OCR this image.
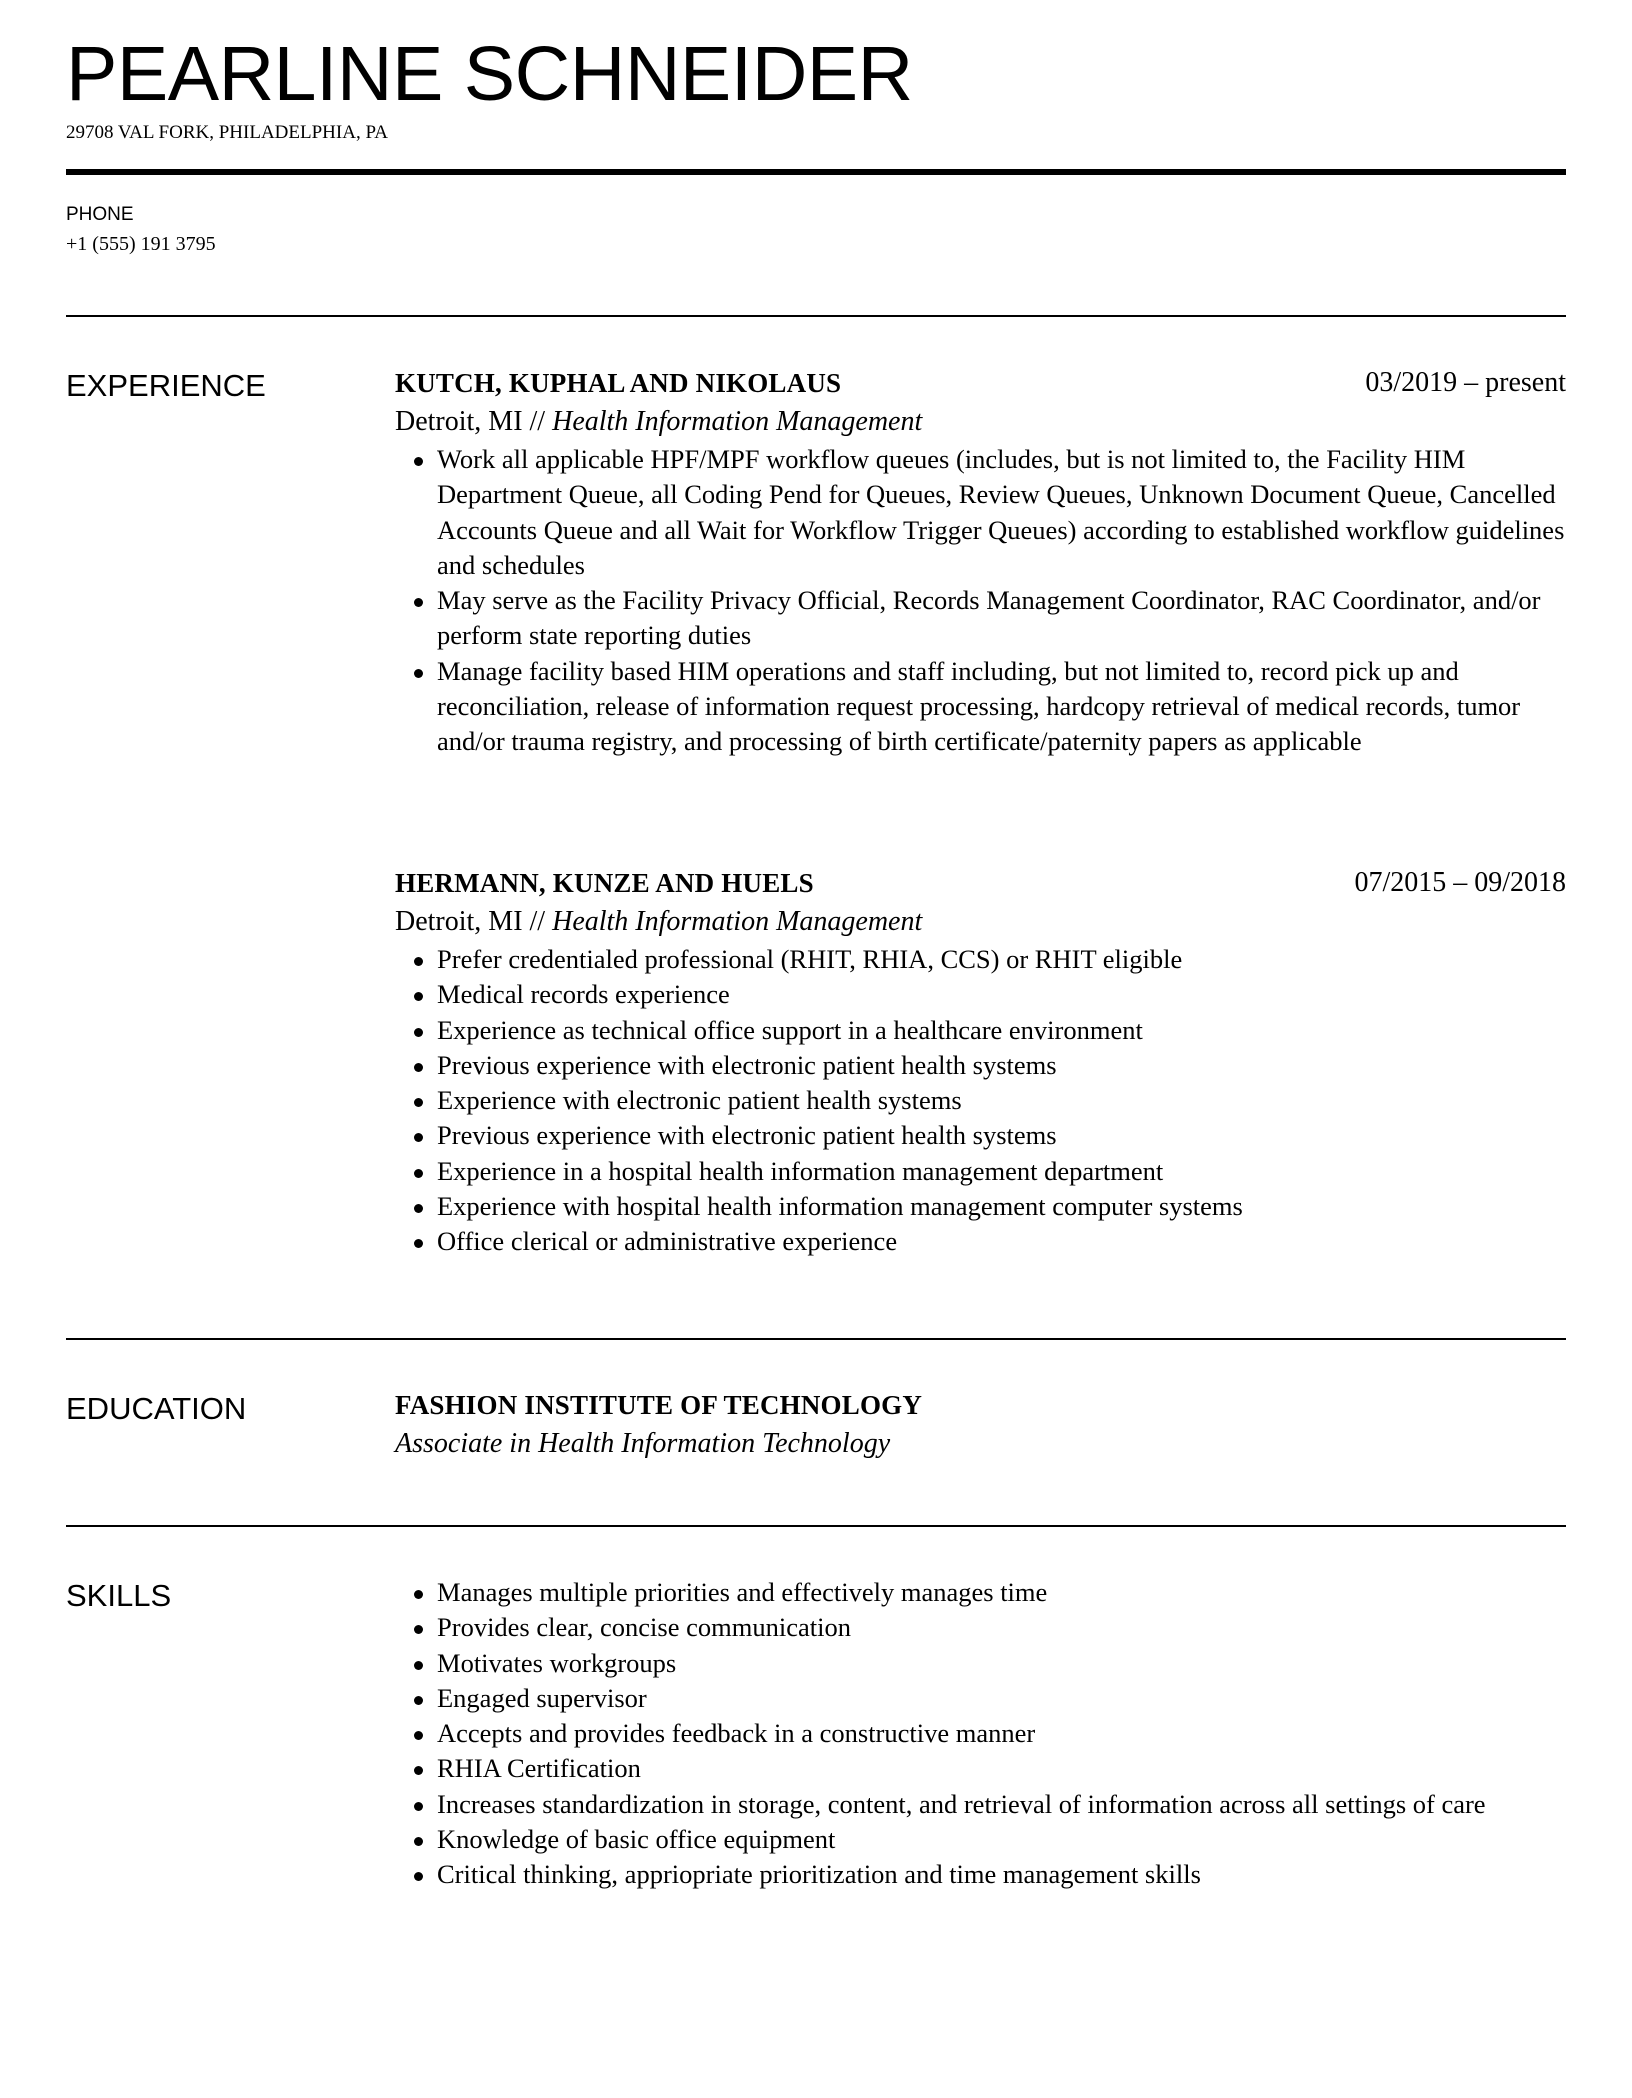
PEARLINE SCHNEIDER
29708 VAL FORK, PHILADELPHIA, PA
PHONE
+1 (555) 191 3795
EXPERIENCE	KUTCH, KUPHAL AND NIKOLAUS	03/2019 – present
Detroit, MI // Health Information Management
Work all applicable HPF/MPF workflow queues (includes, but is not limited to, the Facility HIM Department Queue, all Coding Pend for Queues, Review Queues, Unknown Document Queue, Cancelled Accounts Queue and all Wait for Workflow Trigger Queues) according to established workflow guidelines and schedules
May serve as the Facility Privacy Official, Records Management Coordinator, RAC Coordinator, and/or perform state reporting duties
Manage facility based HIM operations and staff including, but not limited to, record pick up and reconciliation, release of information request processing, hardcopy retrieval of medical records, tumor and/or trauma registry, and processing of birth certificate/paternity papers as applicable
HERMANN, KUNZE AND HUELS	07/2015 – 09/2018
Detroit, MI // Health Information Management
Prefer credentialed professional (RHIT, RHIA, CCS) or RHIT eligible
Medical records experience
Experience as technical office support in a healthcare environment
Previous experience with electronic patient health systems
Experience with electronic patient health systems
Previous experience with electronic patient health systems
Experience in a hospital health information management department
Experience with hospital health information management computer systems
Office clerical or administrative experience
EDUCATION	FASHION INSTITUTE OF TECHNOLOGY
Associate in Health Information Technology
SKILLS	Manages multiple priorities and effectively manages time
Provides clear, concise communication
Motivates workgroups
Engaged supervisor
Accepts and provides feedback in a constructive manner
RHIA Certification
Increases standardization in storage, content, and retrieval of information across all settings of care
Knowledge of basic office equipment
Critical thinking, appriopriate prioritization and time management skills
